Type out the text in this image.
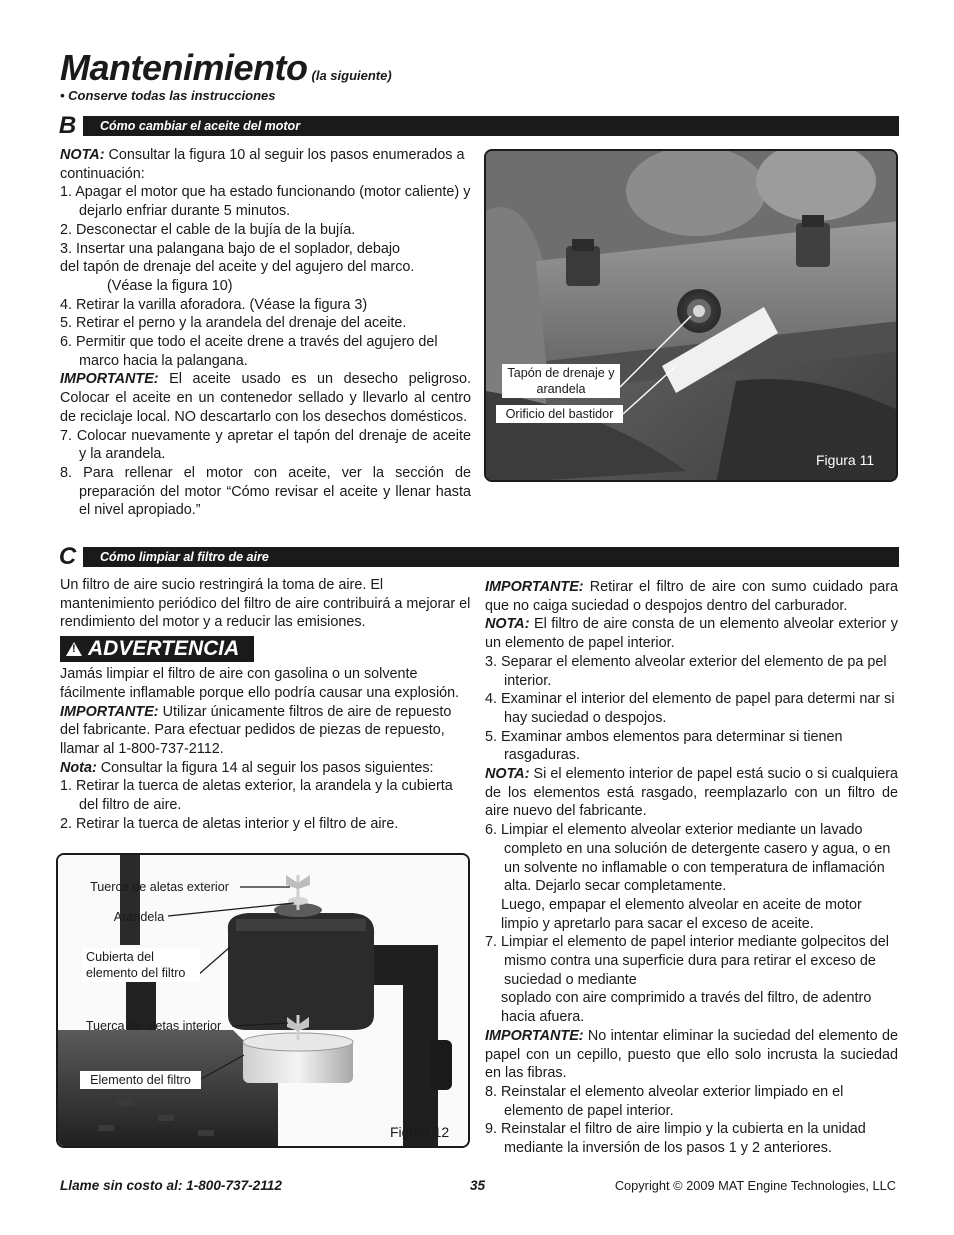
Mantenimiento (la siguiente)
• Conserve todas las instrucciones
B	Cómo cambiar el aceite del motor

NOTA: Consultar la figura 10 al seguir los pasos enumerados a continuación:

1. Apagar el motor que ha estado funcionando (motor caliente) y dejarlo enfriar durante 5 minutos.

2. Desconectar el cable de la bujía de la bujía.

3. Insertar una palangana bajo de el soplador, debajo

del tapón de drenaje del aceite y del agujero del marco.

(Véase la figura 10)

4. Retirar la varilla aforadora. (Véase la figura 3)

5. Retirar el perno y la arandela del drenaje del aceite.

6. Permitir que todo el aceite drene a través del agujero del marco hacia la palangana.

IMPORTANTE: El aceite usado es un desecho peligroso. Colocar el aceite en un contenedor sellado y llevarlo al centro de reciclaje local. NO descartarlo con los desechos domésticos.

7. Colocar nuevamente y apretar el tapón del drenaje de aceite y la arandela.

8. Para rellenar el motor con aceite, ver la sección de preparación del motor “Cómo revisar el aceite y llenar hasta el nivel apropiado.”

Tapón de drenaje y arandela
Orificio del bastidor
Figura 11
C	Cómo limpiar al filtro de aire

Un filtro de aire sucio restringirá la toma de aire. El mantenimiento periódico del filtro de aire contribuirá a mejorar el rendimiento del motor y a reducir las emisiones.

!
ADVERTENCIA

Jamás limpiar el filtro de aire con gasolina o un solvente fácilmente inflamable porque ello podría causar una explosión.

IMPORTANTE: Utilizar únicamente filtros de aire de repuesto del fabricante. Para efectuar pedidos de piezas de repuesto, llamar al 1-800-737-2112.

Nota: Consultar la figura 14 al seguir los pasos siguientes:

1. Retirar la tuerca de aletas exterior, la arandela y la cubierta del filtro de aire.

2. Retirar la tuerca de aletas interior y el filtro de aire.

Tuerca de aletas exterior
Arandela
Cubierta del elemento del filtro
Tuerca de aletas interior
Elemento del filtro
Figura 12

IMPORTANTE: Retirar el filtro de aire con sumo cuidado para que no caiga suciedad o despojos dentro del carburador.

NOTA: El filtro de aire consta de un elemento alveolar exterior y un elemento de papel interior.

3. Separar el elemento alveolar exterior del elemento de pa pel interior.

4. Examinar el interior del elemento de papel para determi nar si hay suciedad o despojos.

5. Examinar ambos elementos para determinar si tienen rasgaduras.

NOTA: Si el elemento interior de papel está sucio o si cualquiera de los elementos está rasgado, reemplazarlo con un filtro de aire nuevo del fabricante.

6. Limpiar el elemento alveolar exterior mediante un lavado completo en una solución de detergente casero y agua, o en un solvente no inflamable o con temperatura de inflamación alta. Dejarlo secar completamente.

Luego, empapar el elemento alveolar en aceite de motor limpio y apretarlo para sacar el exceso de aceite.

7. Limpiar el elemento de papel interior mediante golpecitos del mismo contra una superficie dura para retirar el exceso de suciedad o mediante

soplado con aire comprimido a través del filtro, de adentro hacia afuera.

IMPORTANTE: No intentar eliminar la suciedad del elemento de papel con un cepillo, puesto que ello solo incrusta la suciedad en las fibras.

8. Reinstalar el elemento alveolar exterior limpiado en el elemento de papel interior.

9. Reinstalar el filtro de aire limpio y la cubierta en la unidad mediante la inversión de los pasos 1 y 2 anteriores.

Llame sin costo al: 1-800-737-2112	35	Copyright © 2009 MAT Engine Technologies, LLC
